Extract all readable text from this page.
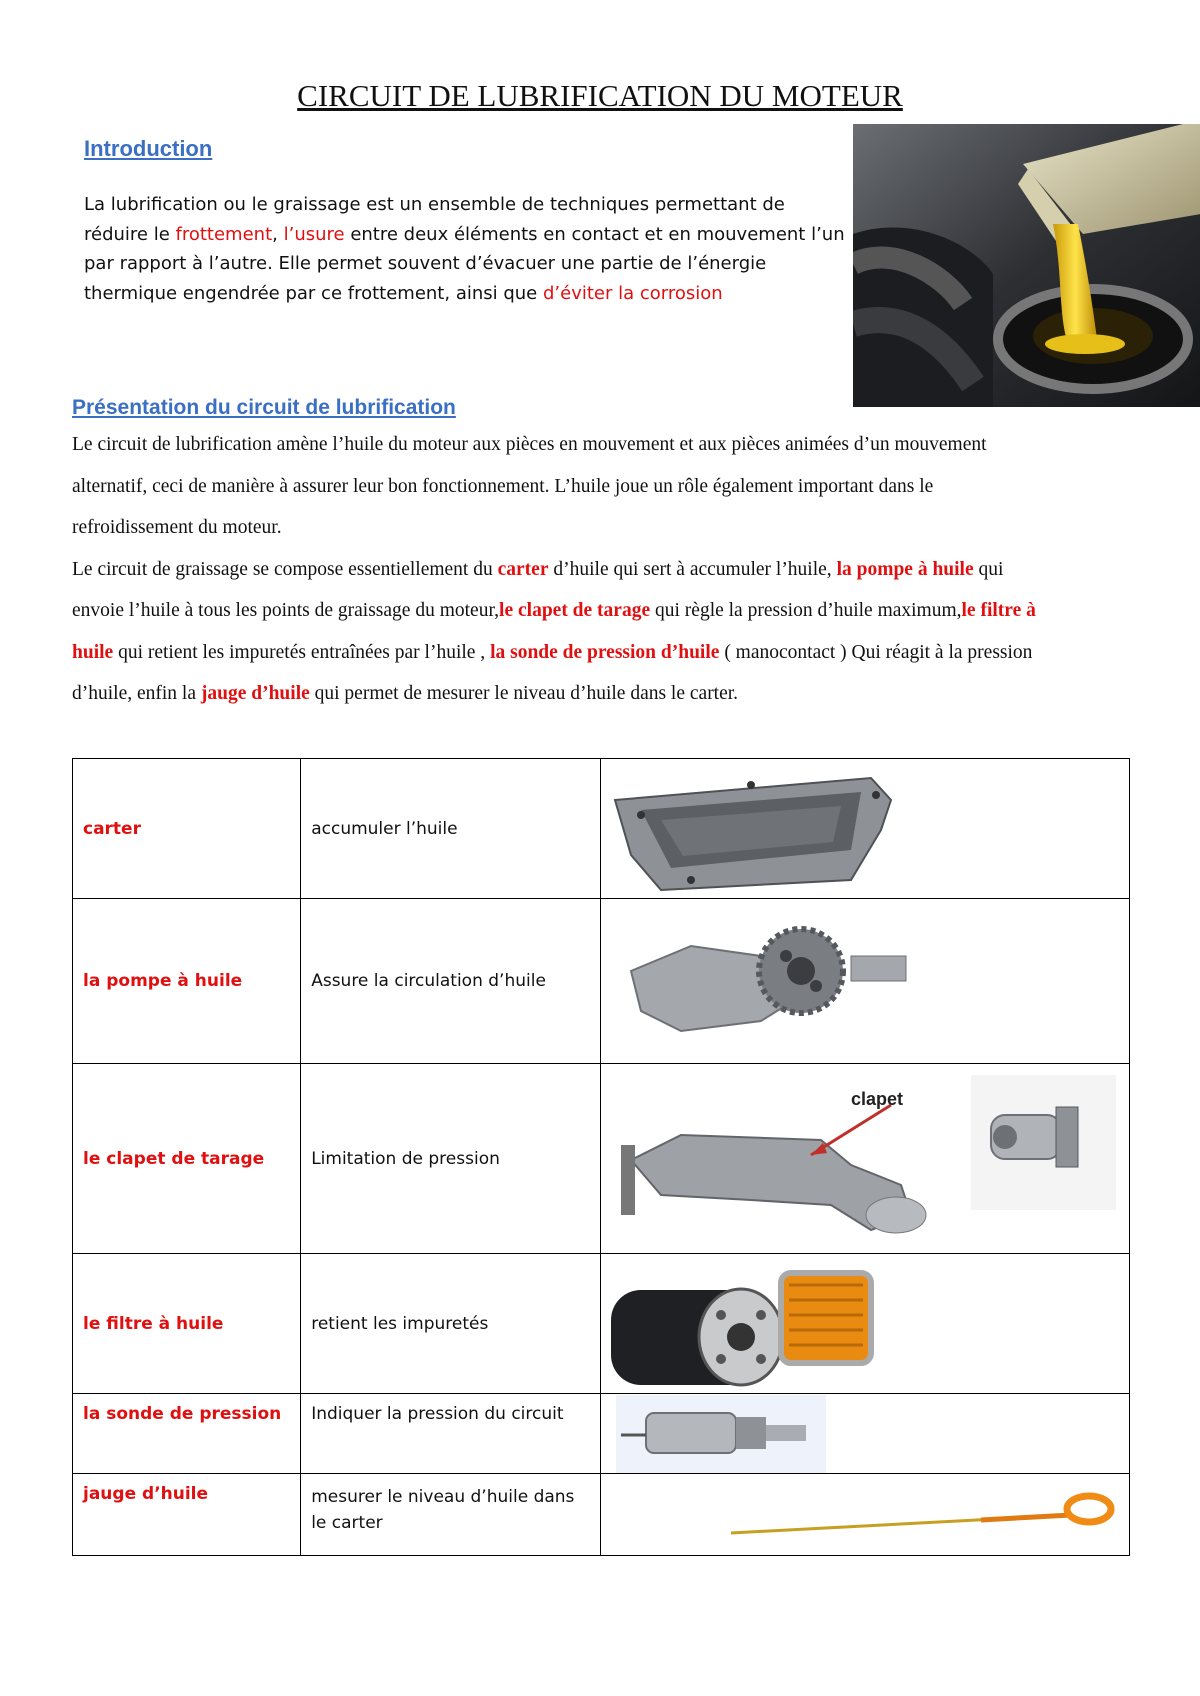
CIRCUIT DE LUBRIFICATION DU MOTEUR
Introduction

La lubrification ou le graissage est un ensemble de techniques permettant de réduire le frottement, l’usure entre deux éléments en contact et en mouvement l’un par rapport à l’autre. Elle permet souvent d’évacuer une partie de l’énergie thermique engendrée par ce frottement, ainsi que d’éviter la corrosion

Présentation du circuit de lubrification
Le circuit de lubrification amène l’huile du moteur aux pièces en mouvement et aux pièces animées d’un mouvement alternatif, ceci de manière à assurer leur bon fonctionnement. L’huile joue un rôle également important dans le refroidissement du moteur.
Le circuit de graissage se compose essentiellement du carter d’huile qui sert à accumuler l’huile, la pompe à huile qui envoie l’huile à tous les points de graissage du moteur,le clapet de tarage qui règle la pression d’huile maximum,le filtre à huile qui retient les impuretés entraînées par l’huile , la sonde de pression d’huile ( manocontact ) Qui réagit à la pression d’huile, enfin la jauge d’huile qui permet de mesurer le niveau d’huile dans le carter.
carter	accumuler l’huile	

la pompe à huile	Assure la circulation d’huile	

le clapet de tarage	Limitation de pression	clapet

le filtre à huile	retient les impuretés	

la sonde de pression	Indiquer la pression du circuit	

jauge d’huile	mesurer le niveau d’huile dans le carter	
